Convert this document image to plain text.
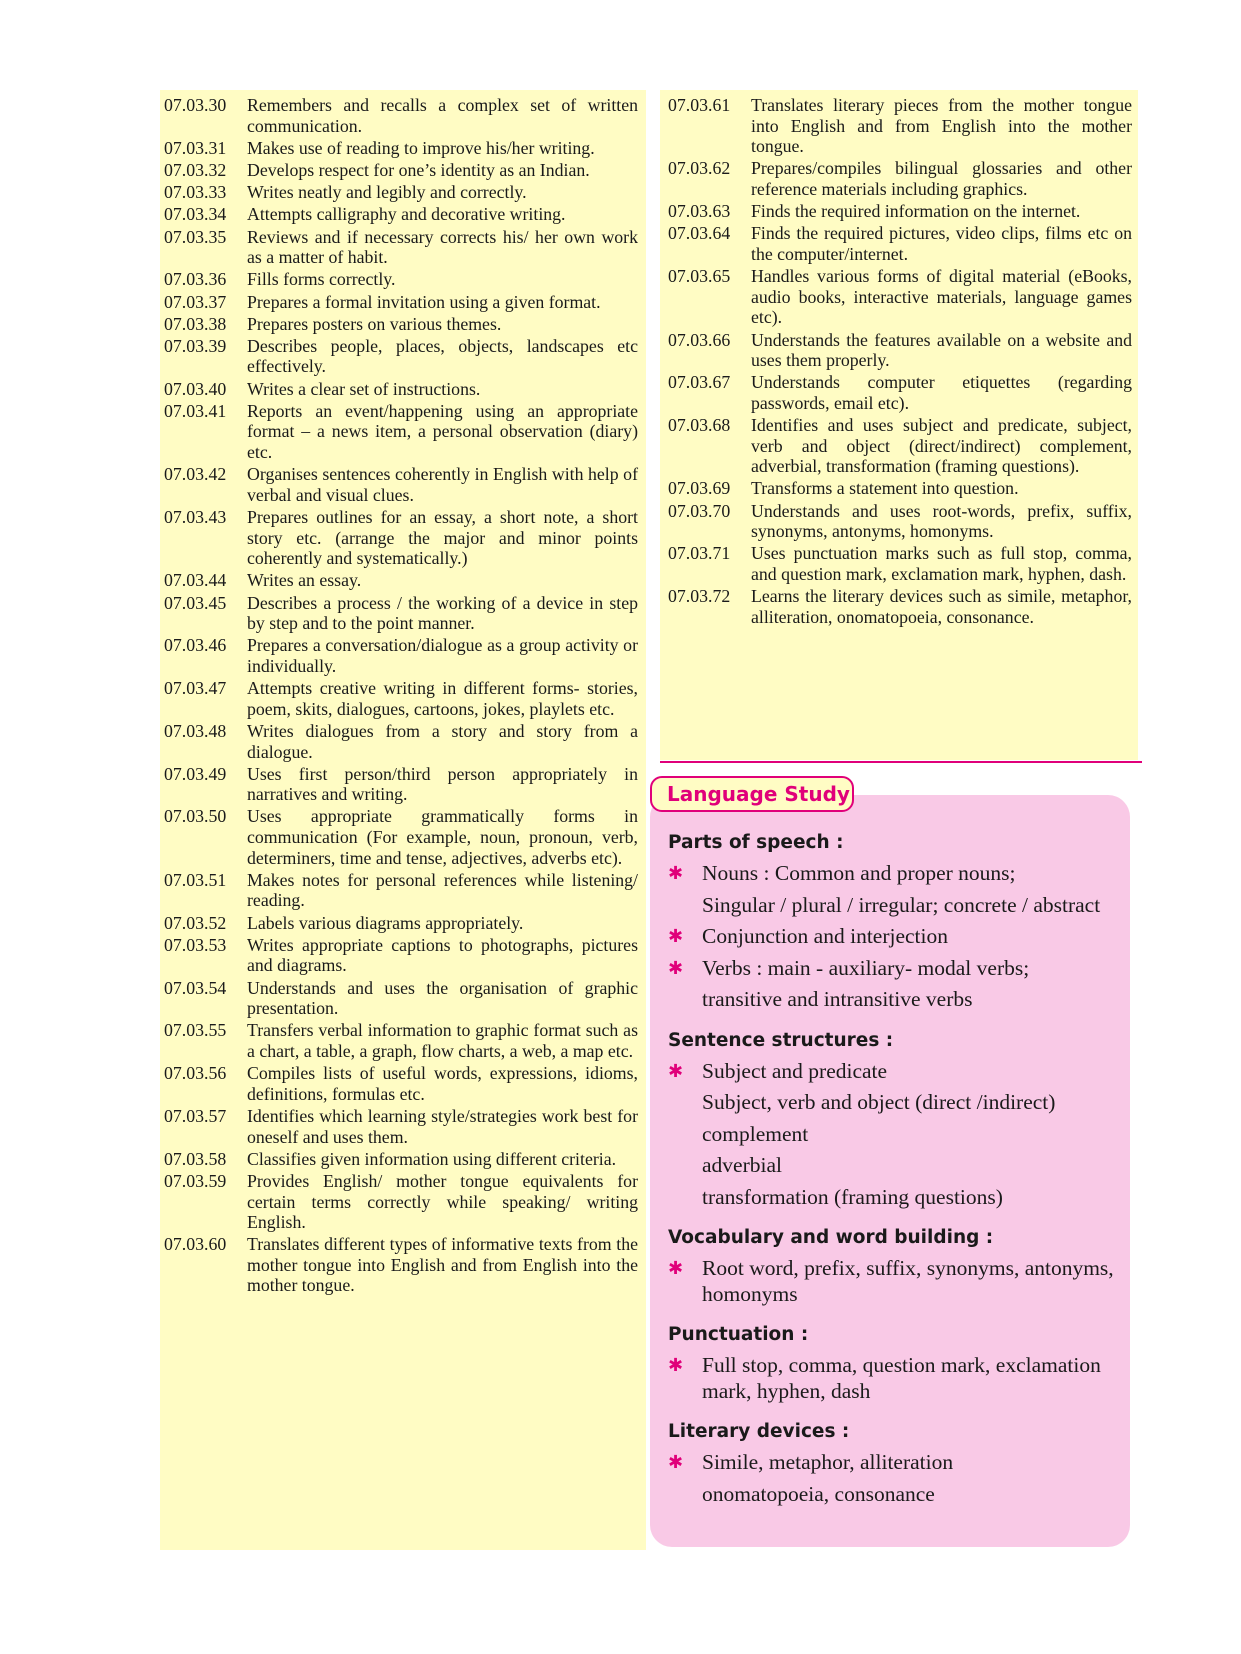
07.03.30	Remembers and recalls a complex set of written communication.
07.03.31	Makes use of reading to improve his/her writing.
07.03.32	Develops respect for one’s identity as an Indian.
07.03.33	Writes neatly and legibly and correctly.
07.03.34	Attempts calligraphy and decorative writing.
07.03.35	Reviews and if necessary corrects his/ her own work as a matter of habit.
07.03.36	Fills forms correctly.
07.03.37	Prepares a formal invitation using a given format.
07.03.38	Prepares posters on various themes.
07.03.39	Describes people, places, objects, landscapes etc effectively.
07.03.40	Writes a clear set of instructions.
07.03.41	Reports an event/happening using an appropriate format – a news item, a personal observation (diary) etc.
07.03.42	Organises sentences coherently in English with help of verbal and visual clues.
07.03.43	Prepares outlines for an essay, a short note, a short story etc. (arrange the major and minor points coherently and systematically.)
07.03.44	Writes an essay.
07.03.45	Describes a process / the working of a device in step by step and to the point manner.
07.03.46	Prepares a conversation/dialogue as a group activity or individually.
07.03.47	Attempts creative writing in different forms- stories, poem, skits, dialogues, cartoons, jokes, playlets etc.
07.03.48	Writes dialogues from a story and story from a dialogue.
07.03.49	Uses first person/third person appropriately in narratives and writing.
07.03.50	Uses appropriate grammatically forms in communication (For example, noun, pronoun, verb, determiners, time and tense, adjectives, adverbs etc).
07.03.51	Makes notes for personal references while listening/ reading.
07.03.52	Labels various diagrams appropriately.
07.03.53	Writes appropriate captions to photographs, pictures and diagrams.
07.03.54	Understands and uses the organisation of graphic presentation.
07.03.55	Transfers verbal information to graphic format such as a chart, a table, a graph, flow charts, a web, a map etc.
07.03.56	Compiles lists of useful words, expressions, idioms, definitions, formulas etc.
07.03.57	Identifies which learning style/strategies work best for oneself and uses them.
07.03.58	Classifies given information using different criteria.
07.03.59	Provides English/ mother tongue equivalents for certain terms correctly while speaking/ writing English.
07.03.60	Translates different types of informative texts from the mother tongue into English and from English into the mother tongue.
07.03.61	Translates literary pieces from the mother tongue into English and from English into the mother tongue.
07.03.62	Prepares/compiles bilingual glossaries and other reference materials including graphics.
07.03.63	Finds the required information on the internet.
07.03.64	Finds the required pictures, video clips, films etc on the computer/internet.
07.03.65	Handles various forms of digital material (eBooks, audio books, interactive materials, language games etc).
07.03.66	Understands the features available on a website and uses them properly.
07.03.67	Understands computer etiquettes (regarding passwords, email etc).
07.03.68	Identifies and uses subject and predicate, subject, verb and object (direct/indirect) complement, adverbial, transformation (framing questions).
07.03.69	Transforms a statement into question.
07.03.70	Understands and uses root-words, prefix, suffix, synonyms, antonyms, homonyms.
07.03.71	Uses punctuation marks such as full stop, comma, and question mark, exclamation mark, hyphen, dash.
07.03.72	Learns the literary devices such as simile, metaphor, alliteration, onomatopoeia, consonance.
Parts of speech :
✱ Nouns : Common and proper nouns;
Singular / plural / irregular; concrete / abstract
✱ Conjunction and interjection
✱ Verbs : main - auxiliary- modal verbs;
transitive and intransitive verbs
Sentence structures :
✱ Subject and predicate
Subject, verb and object (direct /indirect)
complement
adverbial
transformation (framing questions)
Vocabulary and word building :
✱ Root word, prefix, suffix, synonyms, antonyms, homonyms
Punctuation :
✱ Full stop, comma, question mark, exclamation mark, hyphen, dash
Literary devices :
✱ Simile, metaphor, alliteration
onomatopoeia, consonance
Language Study
